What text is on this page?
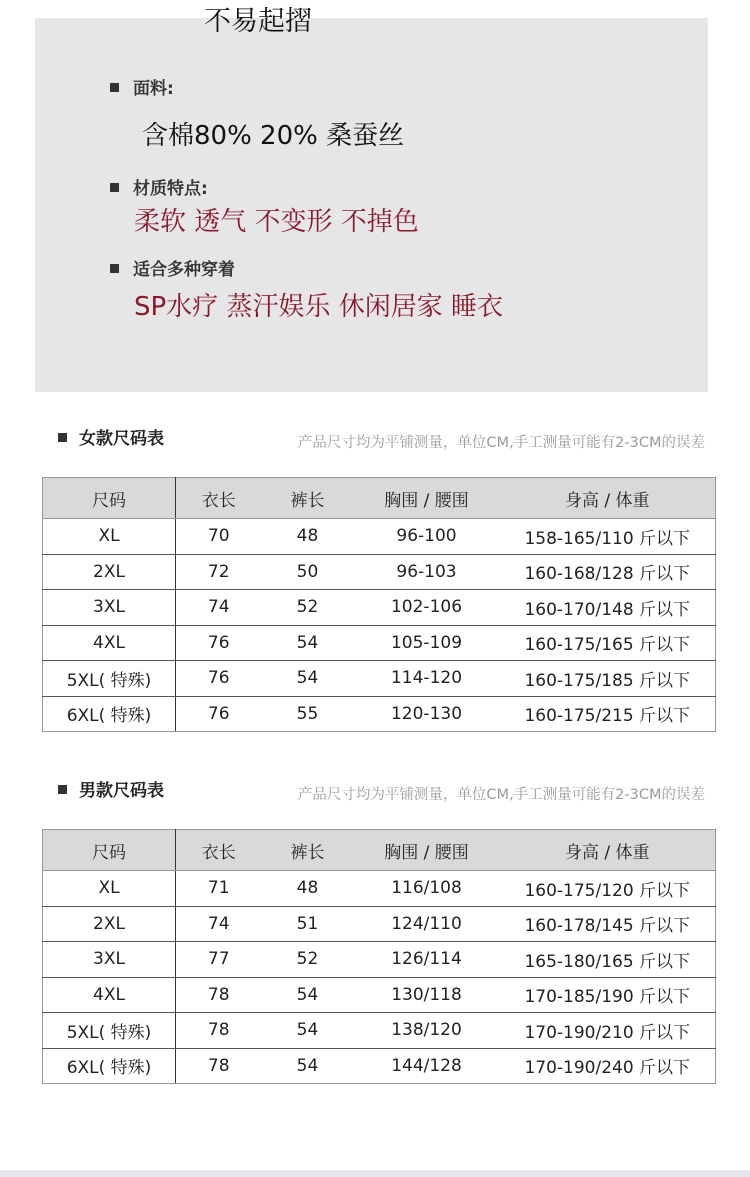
不易起摺
面料:
含棉80% 20% 桑蚕丝
材质特点:
柔软 透气 不变形 不掉色
适合多种穿着
SP水疗 蒸汗娱乐 休闲居家 睡衣
女款尺码表	产品尺寸均为平铺测量，单位CM,手工测量可能有2-3CM的误差
尺码	衣长	裤长	胸围 / 腰围	身高 / 体重
XL	70	48	96-100	158-165/110 斤以下
2XL	72	50	96-103	160-168/128 斤以下
3XL	74	52	102-106	160-170/148 斤以下
4XL	76	54	105-109	160-175/165 斤以下
5XL( 特殊)	76	54	114-120	160-175/185 斤以下
6XL( 特殊)	76	55	120-130	160-175/215 斤以下
男款尺码表	产品尺寸均为平铺测量，单位CM,手工测量可能有2-3CM的误差
尺码	衣长	裤长	胸围 / 腰围	身高 / 体重
XL	71	48	116/108	160-175/120 斤以下
2XL	74	51	124/110	160-178/145 斤以下
3XL	77	52	126/114	165-180/165 斤以下
4XL	78	54	130/118	170-185/190 斤以下
5XL( 特殊)	78	54	138/120	170-190/210 斤以下
6XL( 特殊)	78	54	144/128	170-190/240 斤以下
